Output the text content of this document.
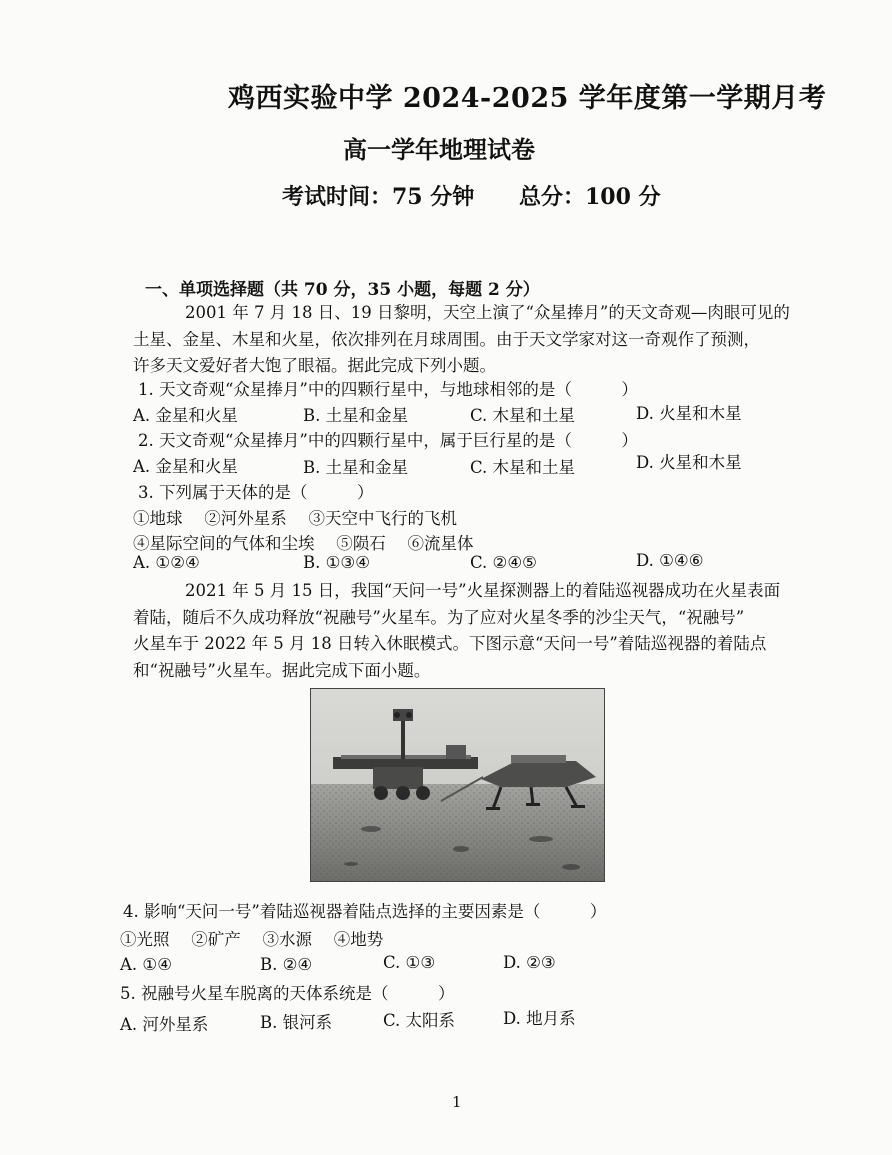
鸡西实验中学 2024-2025 学年度第一学期月考
高一学年地理试卷
考试时间：75 分钟 总分：100 分
一、单项选择题（共 70 分，35 小题，每题 2 分）
2001 年 7 月 18 日、19 日黎明，天空上演了“众星捧月”的天文奇观—肉眼可见的
土星、金星、木星和火星，依次排列在月球周围。由于天文学家对这一奇观作了预测，
许多天文爱好者大饱了眼福。据此完成下列小题。
1. 天文奇观“众星捧月”中的四颗行星中，与地球相邻的是（　　　）
A. 金星和火星	B. 土星和金星	C. 木星和土星	D. 火星和木星
2. 天文奇观“众星捧月”中的四颗行星中，属于巨行星的是（　　　）
A. 金星和火星	B. 土星和金星	C. 木星和土星	D. 火星和木星
3. 下列属于天体的是（　　　）
①地球　 ②河外星系　 ③天空中飞行的飞机
④星际空间的气体和尘埃　 ⑤陨石　 ⑥流星体
A. ①②④	B. ①③④	C. ②④⑤	D. ①④⑥
2021 年 5 月 15 日，我国“天问一号”火星探测器上的着陆巡视器成功在火星表面
着陆，随后不久成功释放“祝融号”火星车。为了应对火星冬季的沙尘天气，“祝融号”
火星车于 2022 年 5 月 18 日转入休眠模式。下图示意“天问一号”着陆巡视器的着陆点
和“祝融号”火星车。据此完成下面小题。
4. 影响“天问一号”着陆巡视器着陆点选择的主要因素是（　　　）
①光照　 ②矿产　 ③水源　 ④地势
A. ①④	B. ②④	C. ①③	D. ②③
5. 祝融号火星车脱离的天体系统是（　　　）
A. 河外星系	B. 银河系	C. 太阳系	D. 地月系
1
